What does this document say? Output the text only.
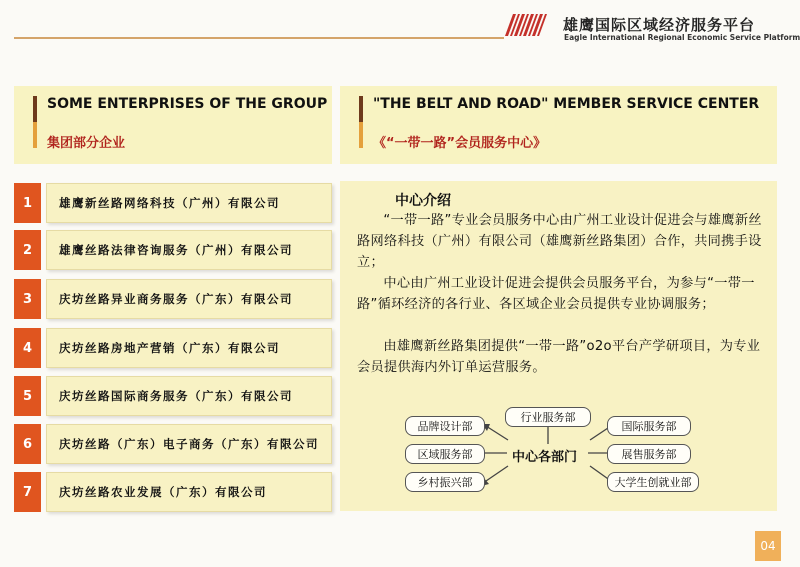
雄鹰国际区域经济服务平台
Eagle International Regional Economic Service Platform
SOME ENTERPRISES OF THE GROUP
集团部分企业
"THE BELT AND ROAD" MEMBER SERVICE CENTER
《“一带一路”会员服务中心》
1	雄鹰新丝路网络科技（广州）有限公司
2	雄鹰丝路法律咨询服务（广州）有限公司
3	庆坊丝路异业商务服务（广东）有限公司
4	庆坊丝路房地产营销（广东）有限公司
5	庆坊丝路国际商务服务（广东）有限公司
6	庆坊丝路（广东）电子商务（广东）有限公司
7	庆坊丝路农业发展（广东）有限公司
中心介绍
“一带一路”专业会员服务中心由广州工业设计促进会与雄鹰新丝路网络科技（广州）有限公司（雄鹰新丝路集团）合作，共同携手设立；
中心由广州工业设计促进会提供会员服务平台，为参与“一带一路”循环经济的各行业、各区域企业会员提供专业协调服务；
由雄鹰新丝路集团提供“一带一路”o2o平台产学研项目，为专业会员提供海内外订单运营服务。
行业服务部
品牌设计部	国际服务部
区域服务部	展售服务部
乡村振兴部	大学生创就业部
中心各部门
04
